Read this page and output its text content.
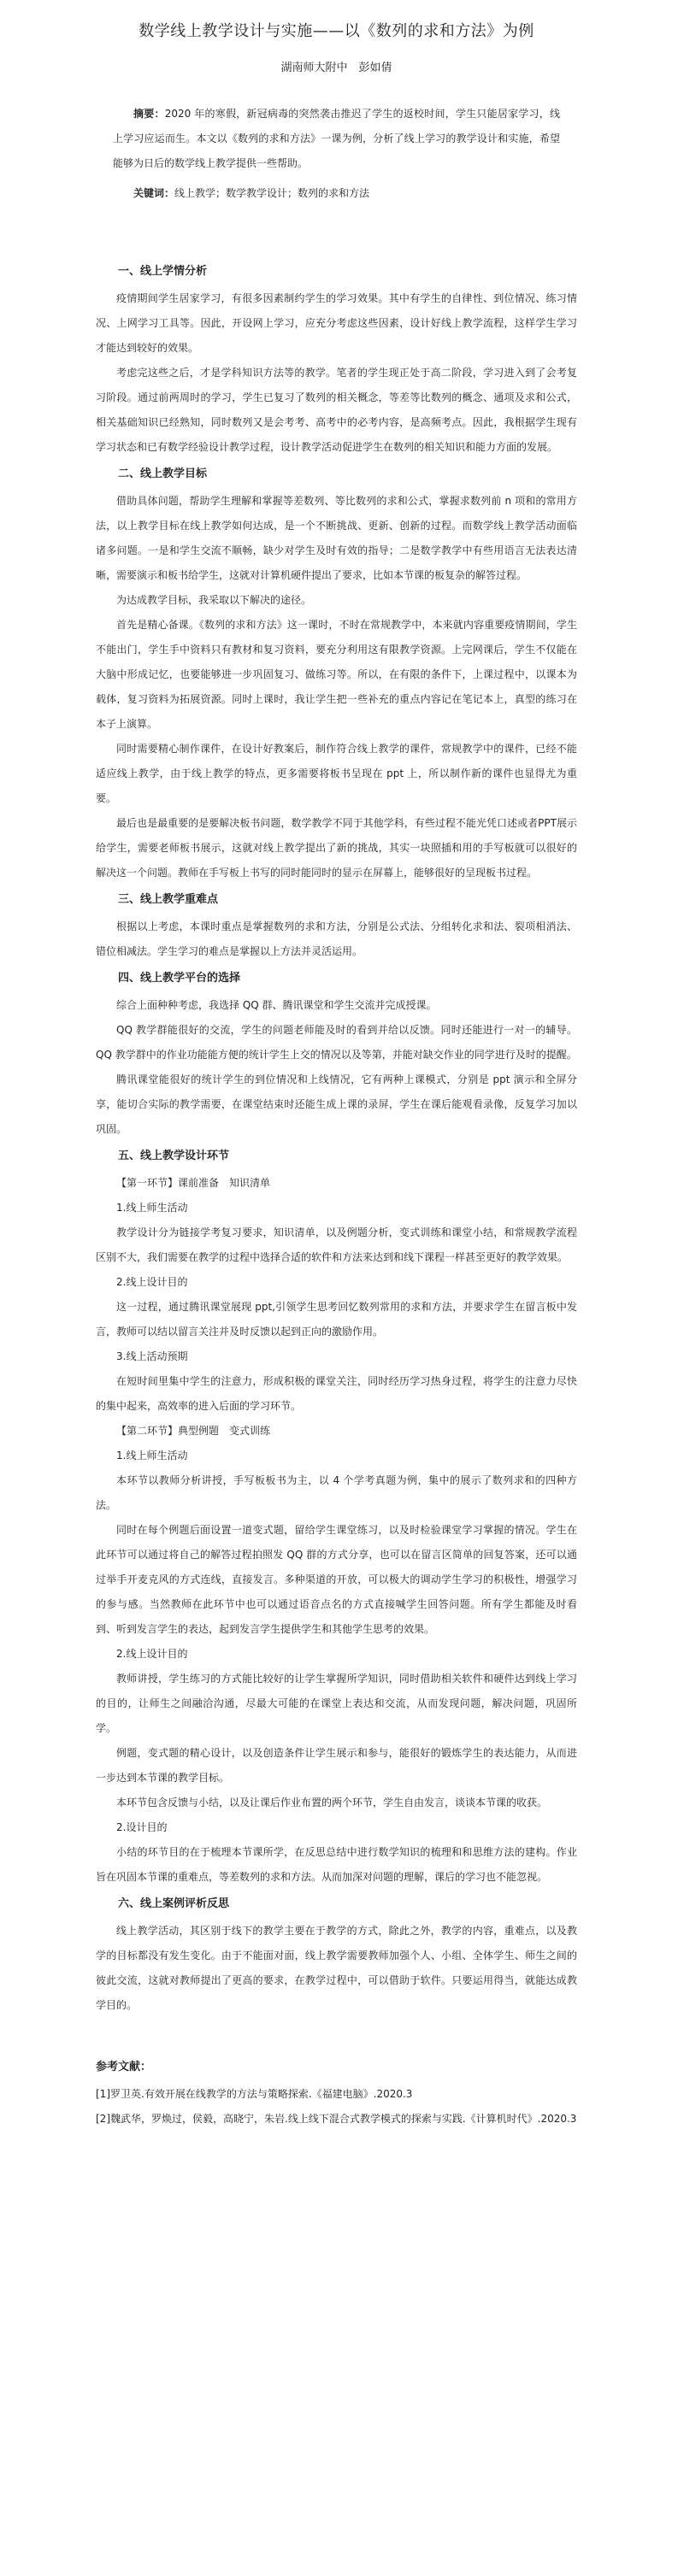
数学线上教学设计与实施——以《数列的求和方法》为例
湖南师大附中　彭如倩

摘要：2020 年的寒假，新冠病毒的突然袭击推迟了学生的返校时间，学生只能居家学习，线上学习应运而生。本文以《数列的求和方法》一课为例，分析了线上学习的教学设计和实施，希望能够为日后的数学线上教学提供一些帮助。

关键词：线上教学；数学教学设计；数列的求和方法

一、线上学情分析

疫情期间学生居家学习，有很多因素制约学生的学习效果。其中有学生的自律性、到位情况、练习情况、上网学习工具等。因此，开设网上学习，应充分考虑这些因素，设计好线上教学流程，这样学生学习才能达到较好的效果。

考虑完这些之后，才是学科知识方法等的教学。笔者的学生现正处于高二阶段，学习进入到了会考复习阶段。通过前两周时的学习，学生已复习了数列的相关概念，等差等比数列的概念、通项及求和公式，相关基础知识已经熟知，同时数列又是会考考、高考中的必考内容，是高频考点。因此，我根据学生现有学习状态和已有数学经验设计教学过程，设计教学活动促进学生在数列的相关知识和能力方面的发展。

二、线上教学目标

借助具体问题，帮助学生理解和掌握等差数列、等比数列的求和公式，掌握求数列前 n 项和的常用方法，以上教学目标在线上教学如何达成，是一个不断挑战、更新、创新的过程。而数学线上教学活动面临诸多问题。一是和学生交流不顺畅，缺少对学生及时有效的指导；二是数学教学中有些用语言无法表达清晰，需要演示和板书给学生，这就对计算机硬件提出了要求，比如本节课的板复杂的解答过程。

为达成教学目标，我采取以下解决的途径。

首先是精心备课。《数列的求和方法》这一课时，不时在常规教学中，本来就内容重要疫情期间，学生不能出门，学生手中资料只有教材和复习资料，要充分利用这有限教学资源。上完网课后，学生不仅能在大脑中形成记忆，也要能够进一步巩固复习、做练习等。所以，在有限的条件下，上课过程中，以课本为载体，复习资料为拓展资源。同时上课时，我让学生把一些补充的重点内容记在笔记本上，真型的练习在本子上演算。

同时需要精心制作课件，在设计好教案后，制作符合线上教学的课件，常规教学中的课件，已经不能适应线上教学，由于线上教学的特点，更多需要将板书呈现在 ppt 上，所以制作新的课件也显得尤为重要。

最后也是最重要的是要解决板书问题，数学教学不同于其他学科，有些过程不能光凭口述或者PPT展示给学生，需要老师板书展示，这就对线上教学提出了新的挑战，其实一块照插和用的手写板就可以很好的解决这一个问题。教师在手写板上书写的同时能同时的显示在屏幕上，能够很好的呈现板书过程。

三、线上教学重难点

根据以上考虑，本课时重点是掌握数列的求和方法，分别是公式法、分组转化求和法、裂项相消法、错位相减法。学生学习的难点是掌握以上方法并灵活运用。

四、线上教学平台的选择

综合上面种种考虑，我选择 QQ 群、腾讯课堂和学生交流并完成授课。

QQ 教学群能很好的交流，学生的问题老师能及时的看到并给以反馈。同时还能进行一对一的辅导。QQ 教学群中的作业功能能方便的统计学生上交的情况以及等第，并能对缺交作业的同学进行及时的提醒。

腾讯课堂能很好的统计学生的到位情况和上线情况，它有两种上课模式，分别是 ppt 演示和全屏分享，能切合实际的教学需要，在课堂结束时还能生成上课的录屏，学生在课后能观看录像，反复学习加以巩固。

五、线上教学设计环节

【第一环节】课前准备　知识清单

1.线上师生活动

教学设计分为链接学考复习要求，知识清单，以及例题分析，变式训练和课堂小结，和常规教学流程区别不大，我们需要在教学的过程中选择合适的软件和方法来达到和线下课程一样甚至更好的教学效果。

2.线上设计目的

这一过程，通过腾讯课堂展现 ppt,引领学生思考回忆数列常用的求和方法，并要求学生在留言板中发言，教师可以结以留言关注并及时反馈以起到正向的激励作用。

3.线上活动预期

在短时间里集中学生的注意力，形成积极的课堂关注，同时经历学习热身过程，将学生的注意力尽快的集中起来，高效率的进入后面的学习环节。

【第二环节】典型例题　变式训练

1.线上师生活动

本环节以教师分析讲授，手写板板书为主，以 4 个学考真题为例，集中的展示了数列求和的四种方法。

同时在每个例题后面设置一道变式题，留给学生课堂练习，以及时检验课堂学习掌握的情况。学生在此环节可以通过将自己的解答过程拍照发 QQ 群的方式分享，也可以在留言区简单的回复答案，还可以通过举手开麦克风的方式连线，直接发言。多种渠道的开放，可以极大的调动学生学习的积极性，增强学习的参与感。当然教师在此环节中也可以通过语音点名的方式直接喊学生回答问题。所有学生都能及时看到、听到发言学生的表达，起到发言学生提供学生和其他学生思考的效果。

2.线上设计目的

教师讲授，学生练习的方式能比较好的让学生掌握所学知识，同时借助相关软件和硬件达到线上学习的目的，让师生之间融洽沟通，尽最大可能的在课堂上表达和交流，从而发现问题，解决问题，巩固所学。

例题，变式题的精心设计，以及创造条件让学生展示和参与，能很好的锻炼学生的表达能力，从而进一步达到本节课的教学目标。

本环节包含反馈与小结，以及让课后作业布置的两个环节，学生自由发言，谈谈本节课的收获。

2.设计目的

小结的环节目的在于梳理本节课所学，在反思总结中进行数学知识的梳理和和思维方法的建构。作业旨在巩固本节课的重难点，等差数列的求和方法。从而加深对问题的理解，课后的学习也不能忽视。

六、线上案例评析反思

线上教学活动，其区别于线下的教学主要在于教学的方式，除此之外，教学的内容，重难点，以及教学的目标都没有发生变化。由于不能面对面，线上教学需要教师加强个人、小组、全体学生、师生之间的彼此交流，这就对教师提出了更高的要求，在教学过程中，可以借助于软件。只要运用得当，就能达成教学目的。

参考文献：

[1]罗卫英.有效开展在线教学的方法与策略探索.《福建电脑》.2020.3

[2]魏武华，罗焕过，侯毅，高晓宁，朱岩.线上线下混合式教学模式的探索与实践.《计算机时代》.2020.3
